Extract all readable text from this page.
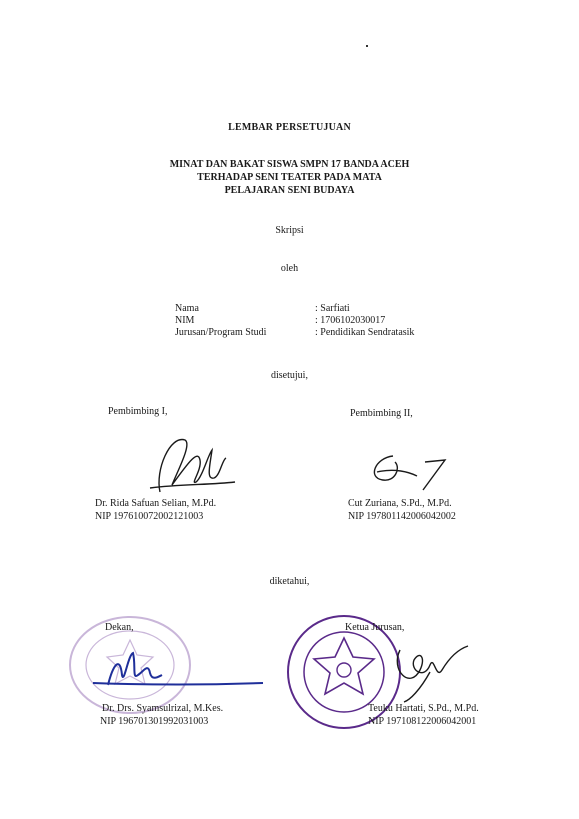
LEMBAR PERSETUJUAN
MINAT DAN BAKAT SISWA SMPN 17 BANDA ACEH
TERHADAP SENI TEATER PADA MATA
PELAJARAN SENI BUDAYA
Skripsi
oleh
Nama	: Sarfiati
NIM	: 1706102030017
Jurusan/Program Studi	: Pendidikan Sendratasik
disetujui,
Pembimbing I,
Dr. Rida Safuan Selian, M.Pd.
NIP 197610072002121003
Pembimbing II,
Cut Zuriana, S.Pd., M.Pd.
NIP 197801142006042002
diketahui,
Dekan,
Dr. Drs. Syamsulrizal, M.Kes.
NIP 196701301992031003
Ketua Jurusan,
Teuku Hartati, S.Pd., M.Pd.
NIP 197108122006042001
